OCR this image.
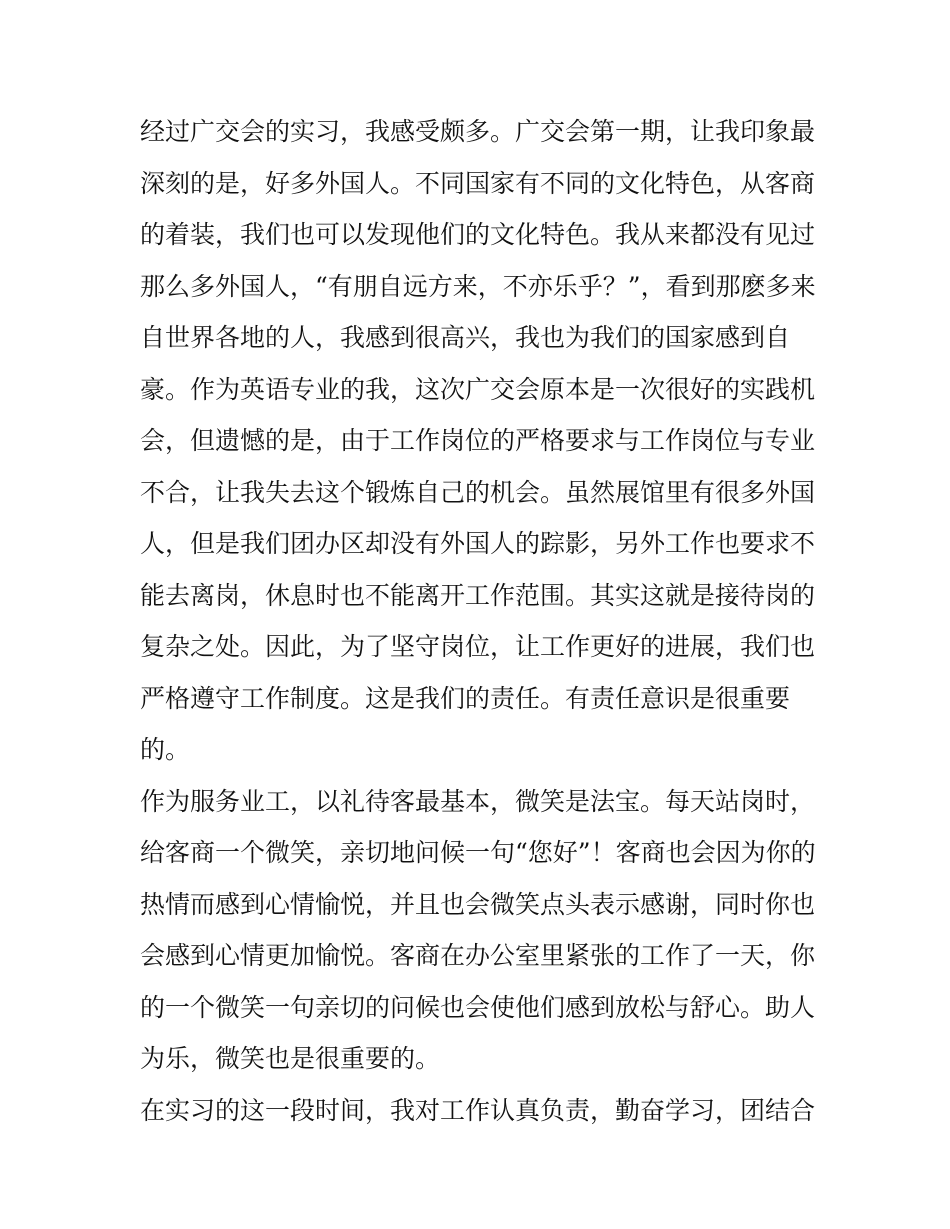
经过广交会的实习，我感受颇多。广交会第一期，让我印象最
深刻的是，好多外国人。不同国家有不同的文化特色，从客商
的着装，我们也可以发现他们的文化特色。我从来都没有见过
那么多外国人，“有朋自远方来，不亦乐乎？”，看到那麽多来
自世界各地的人，我感到很高兴，我也为我们的国家感到自
豪。作为英语专业的我，这次广交会原本是一次很好的实践机
会，但遗憾的是，由于工作岗位的严格要求与工作岗位与专业
不合，让我失去这个锻炼自己的机会。虽然展馆里有很多外国
人，但是我们团办区却没有外国人的踪影，另外工作也要求不
能去离岗，休息时也不能离开工作范围。其实这就是接待岗的
复杂之处。因此，为了坚守岗位，让工作更好的进展，我们也
严格遵守工作制度。这是我们的责任。有责任意识是很重要
的。
作为服务业工，以礼待客最基本，微笑是法宝。每天站岗时，
给客商一个微笑，亲切地问候一句“您好”！客商也会因为你的
热情而感到心情愉悦，并且也会微笑点头表示感谢，同时你也
会感到心情更加愉悦。客商在办公室里紧张的工作了一天，你
的一个微笑一句亲切的问候也会使他们感到放松与舒心。助人
为乐，微笑也是很重要的。
在实习的这一段时间，我对工作认真负责，勤奋学习，团结合
